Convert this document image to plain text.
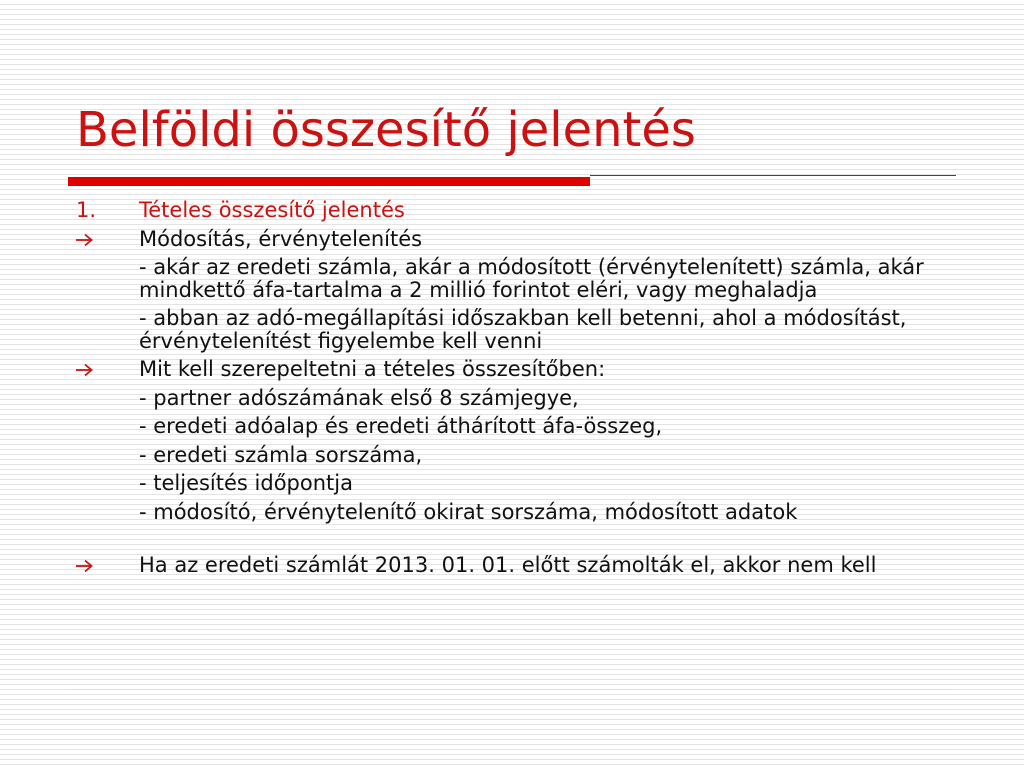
Belföldi összesítő jelentés
1. Tételes összesítő jelentés
Módosítás, érvénytelenítés
- akár az eredeti számla, akár a módosított (érvénytelenített) számla, akár mindkettő áfa-tartalma a 2 millió forintot eléri, vagy meghaladja
- abban az adó-megállapítási időszakban kell betenni, ahol a módosítást, érvénytelenítést figyelembe kell venni
Mit kell szerepeltetni a tételes összesítőben:
- partner adószámának első 8 számjegye,
- eredeti adóalap és eredeti áthárított áfa-összeg,
- eredeti számla sorszáma,
- teljesítés időpontja
- módosító, érvénytelenítő okirat sorszáma, módosított adatok
Ha az eredeti számlát 2013. 01. 01. előtt számolták el, akkor nem kell
